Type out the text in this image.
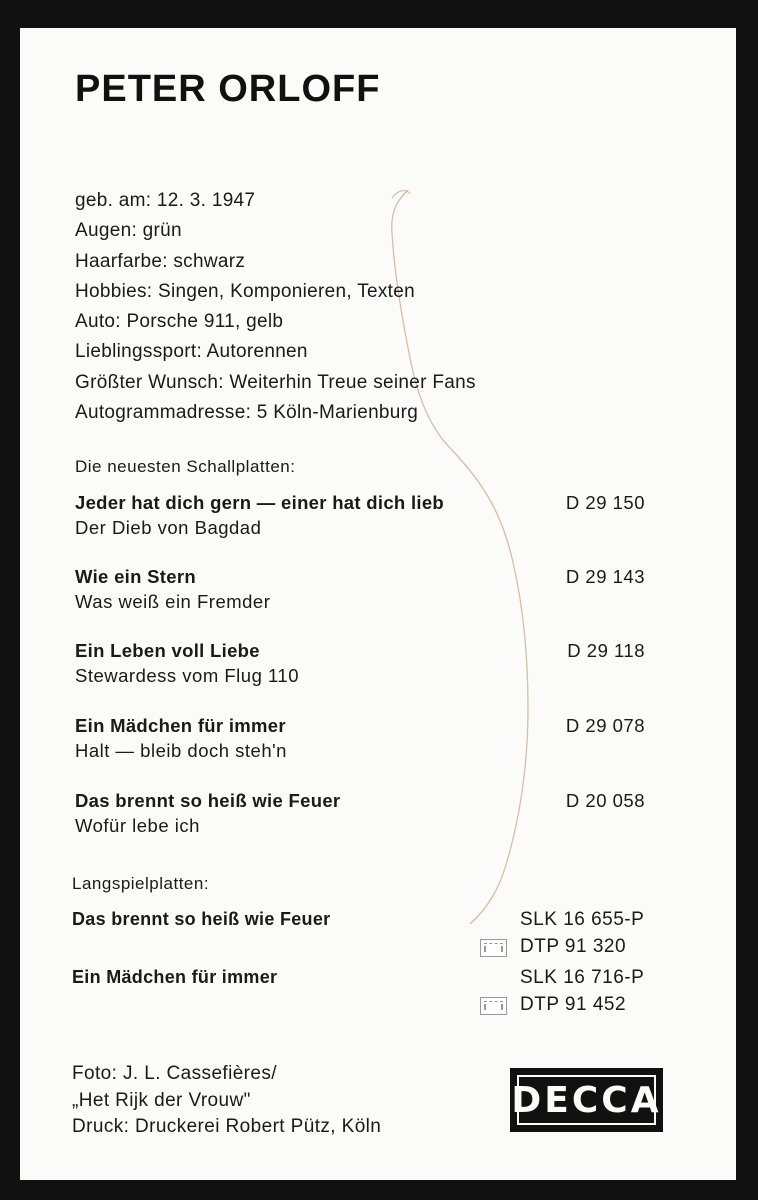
PETER ORLOFF
geb. am: 12. 3. 1947
Augen: grün
Haarfarbe: schwarz
Hobbies: Singen, Komponieren, Texten
Auto: Porsche 911, gelb
Lieblingssport: Autorennen
Größter Wunsch: Weiterhin Treue seiner Fans
Autogrammadresse: 5 Köln-Marienburg
Die neuesten Schallplatten:
Jeder hat dich gern — einer hat dich lieb
Der Dieb von Bagdad
D 29 150
Wie ein Stern
Was weiß ein Fremder
D 29 143
Ein Leben voll Liebe
Stewardess vom Flug 110
D 29 118
Ein Mädchen für immer
Halt — bleib doch steh'n
D 29 078
Das brennt so heiß wie Feuer
Wofür lebe ich
D 20 058
Langspielplatten:
Das brennt so heiß wie Feuer	SLK 16 655-P
DTP 91 320
Ein Mädchen für immer	SLK 16 716-P
DTP 91 452
Foto: J. L. Cassefières/
„Het Rijk der Vrouw"
Druck: Druckerei Robert Pütz, Köln
DECCA
